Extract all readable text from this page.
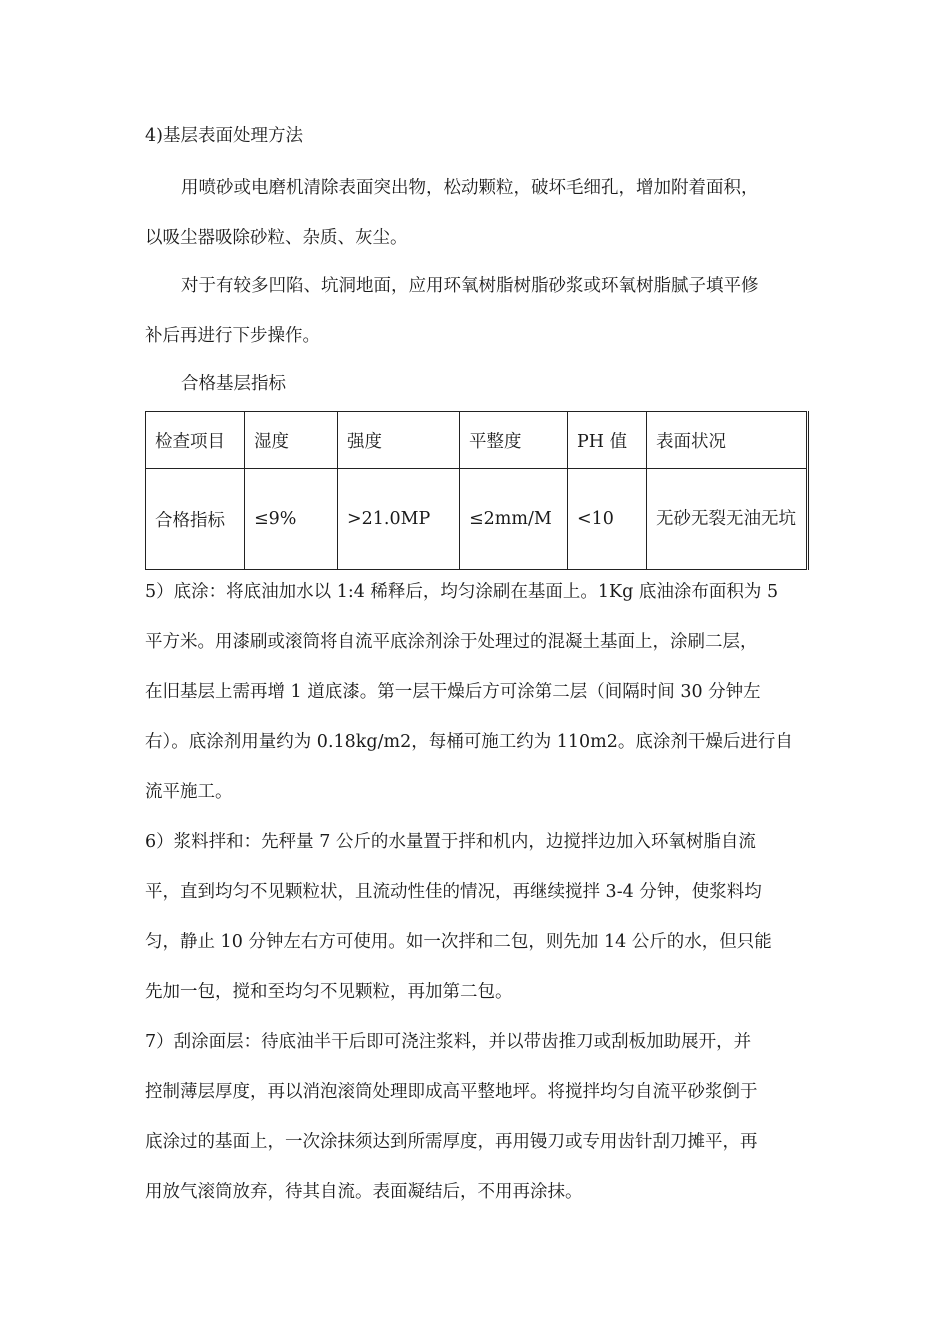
4)基层表面处理方法
用喷砂或电磨机清除表面突出物，松动颗粒，破坏毛细孔，增加附着面积，
以吸尘器吸除砂粒、杂质、灰尘。
对于有较多凹陷、坑洞地面，应用环氧树脂树脂砂浆或环氧树脂腻子填平修
补后再进行下步操作。
合格基层指标
检查项目	湿度	强度	平整度	PH 值	表面状况
合格指标	≤9%	>21.0MP	≤2mm/M	<10	无砂无裂无油无坑
5）底涂：将底油加水以 1:4 稀释后，均匀涂刷在基面上。1Kg 底油涂布面积为 5
平方米。用漆刷或滚筒将自流平底涂剂涂于处理过的混凝土基面上，涂刷二层，
在旧基层上需再增 1 道底漆。第一层干燥后方可涂第二层（间隔时间 30 分钟左
右）。底涂剂用量约为 0.18kg/m2，每桶可施工约为 110m2。底涂剂干燥后进行自
流平施工。
6）浆料拌和：先秤量 7 公斤的水量置于拌和机内，边搅拌边加入环氧树脂自流
平，直到均匀不见颗粒状，且流动性佳的情况，再继续搅拌 3-4 分钟，使浆料均
匀，静止 10 分钟左右方可使用。如一次拌和二包，则先加 14 公斤的水，但只能
先加一包，搅和至均匀不见颗粒，再加第二包。
7）刮涂面层：待底油半干后即可浇注浆料，并以带齿推刀或刮板加助展开，并
控制薄层厚度，再以消泡滚筒处理即成高平整地坪。将搅拌均匀自流平砂浆倒于
底涂过的基面上，一次涂抹须达到所需厚度，再用镘刀或专用齿针刮刀摊平，再
用放气滚筒放弃，待其自流。表面凝结后，不用再涂抹。
